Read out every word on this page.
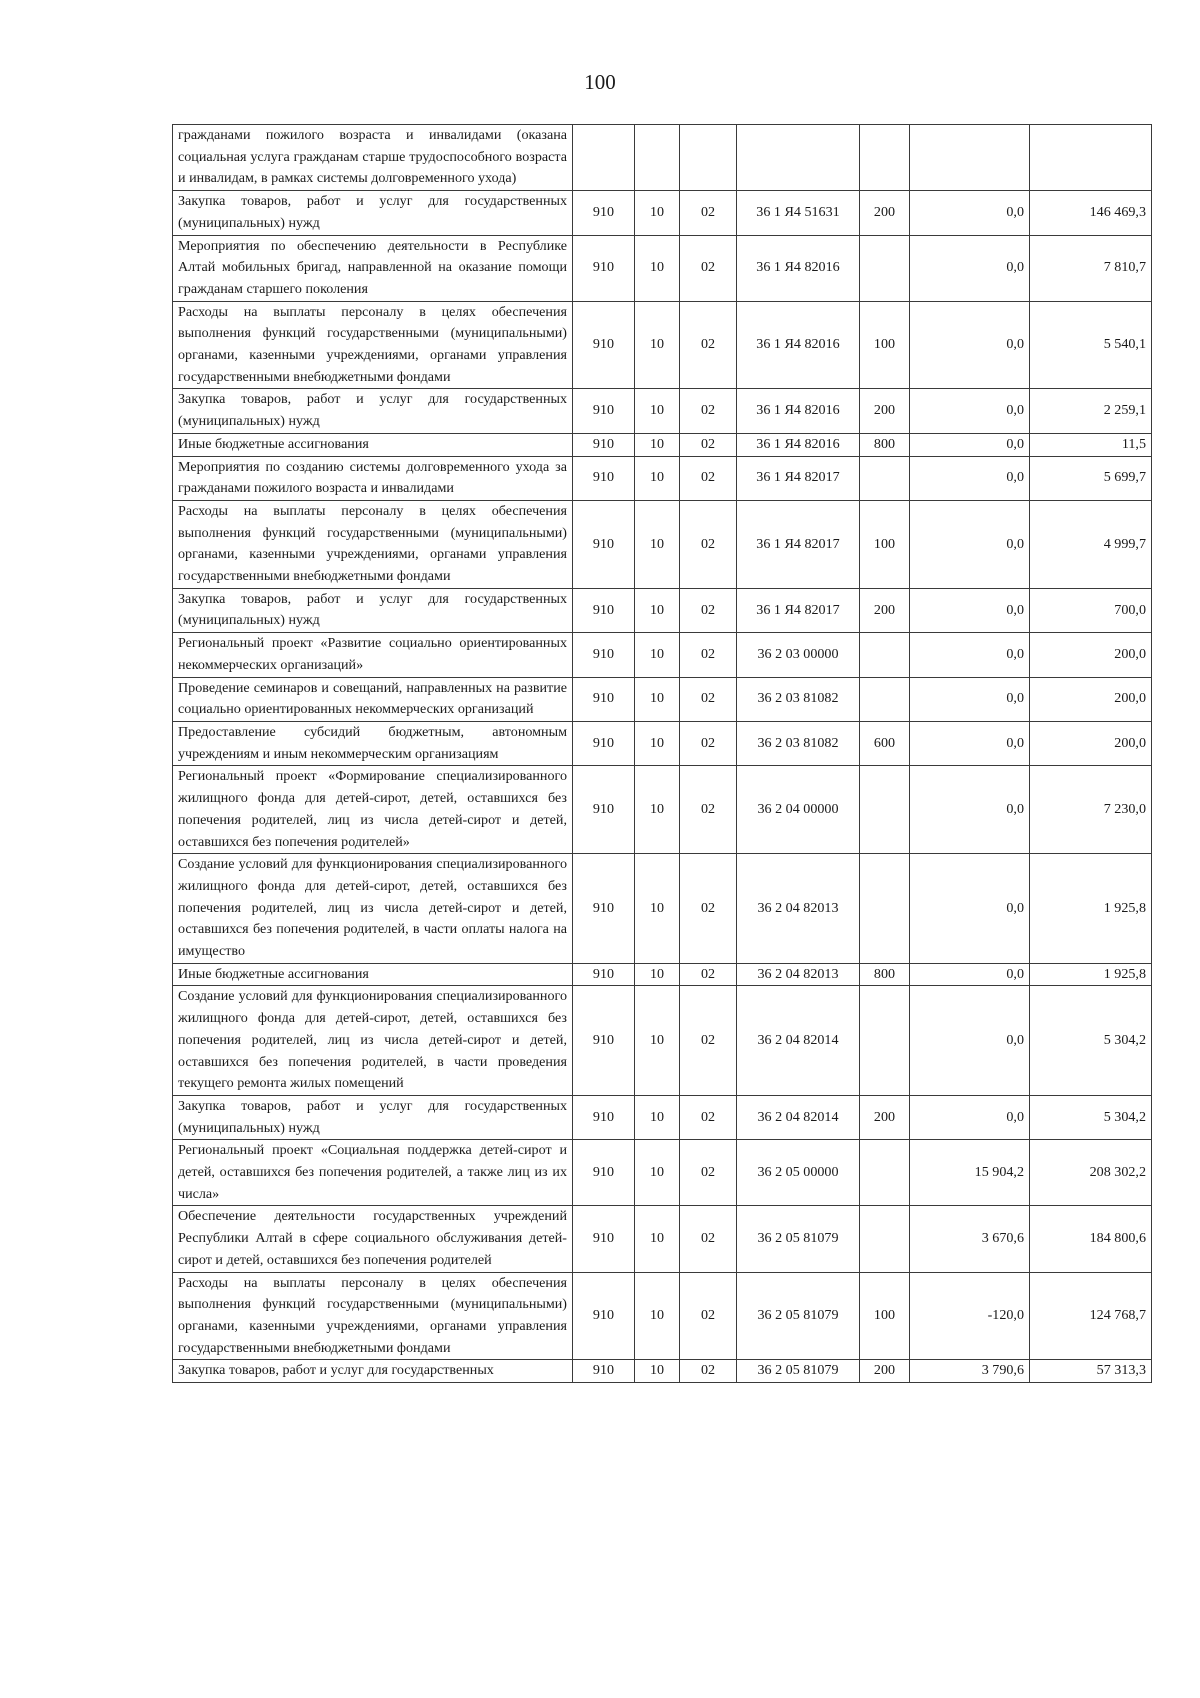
100
гражданами пожилого возраста и инвалидами (оказана социальная услуга гражданам старше трудоспособного возраста и инвалидам, в рамках системы долговременного ухода)							
Закупка товаров, работ и услуг для государственных (муниципальных) нужд	910	10	02	36 1 Я4 51631	200	0,0	146 469,3
Мероприятия по обеспечению деятельности в Республике Алтай мобильных бригад, направленной на оказание помощи гражданам старшего поколения	910	10	02	36 1 Я4 82016		0,0	7 810,7
Расходы на выплаты персоналу в целях обеспечения выполнения функций государственными (муниципальными) органами, казенными учреждениями, органами управления государственными внебюджетными фондами	910	10	02	36 1 Я4 82016	100	0,0	5 540,1
Закупка товаров, работ и услуг для государственных (муниципальных) нужд	910	10	02	36 1 Я4 82016	200	0,0	2 259,1
Иные бюджетные ассигнования	910	10	02	36 1 Я4 82016	800	0,0	11,5
Мероприятия по созданию системы долговременного ухода за гражданами пожилого возраста и инвалидами	910	10	02	36 1 Я4 82017		0,0	5 699,7
Расходы на выплаты персоналу в целях обеспечения выполнения функций государственными (муниципальными) органами, казенными учреждениями, органами управления государственными внебюджетными фондами	910	10	02	36 1 Я4 82017	100	0,0	4 999,7
Закупка товаров, работ и услуг для государственных (муниципальных) нужд	910	10	02	36 1 Я4 82017	200	0,0	700,0
Региональный проект «Развитие социально ориентированных некоммерческих организаций»	910	10	02	36 2 03 00000		0,0	200,0
Проведение семинаров и совещаний, направленных на развитие социально ориентированных некоммерческих организаций	910	10	02	36 2 03 81082		0,0	200,0
Предоставление субсидий бюджетным, автономным учреждениям и иным некоммерческим организациям	910	10	02	36 2 03 81082	600	0,0	200,0
Региональный проект «Формирование специализированного жилищного фонда для детей-сирот, детей, оставшихся без попечения родителей, лиц из числа детей-сирот и детей, оставшихся без попечения родителей»	910	10	02	36 2 04 00000		0,0	7 230,0
Создание условий для функционирования специализированного жилищного фонда для детей-сирот, детей, оставшихся без попечения родителей, лиц из числа детей-сирот и детей, оставшихся без попечения родителей, в части оплаты налога на имущество	910	10	02	36 2 04 82013		0,0	1 925,8
Иные бюджетные ассигнования	910	10	02	36 2 04 82013	800	0,0	1 925,8
Создание условий для функционирования специализированного жилищного фонда для детей-сирот, детей, оставшихся без попечения родителей, лиц из числа детей-сирот и детей, оставшихся без попечения родителей, в части проведения текущего ремонта жилых помещений	910	10	02	36 2 04 82014		0,0	5 304,2
Закупка товаров, работ и услуг для государственных (муниципальных) нужд	910	10	02	36 2 04 82014	200	0,0	5 304,2
Региональный проект «Социальная поддержка детей-сирот и детей, оставшихся без попечения родителей, а также лиц из их числа»	910	10	02	36 2 05 00000		15 904,2	208 302,2
Обеспечение деятельности государственных учреждений Республики Алтай в сфере социального обслуживания детей-сирот и детей, оставшихся без попечения родителей	910	10	02	36 2 05 81079		3 670,6	184 800,6
Расходы на выплаты персоналу в целях обеспечения выполнения функций государственными (муниципальными) органами, казенными учреждениями, органами управления государственными внебюджетными фондами	910	10	02	36 2 05 81079	100	-120,0	124 768,7
Закупка товаров, работ и услуг для государственных	910	10	02	36 2 05 81079	200	3 790,6	57 313,3
